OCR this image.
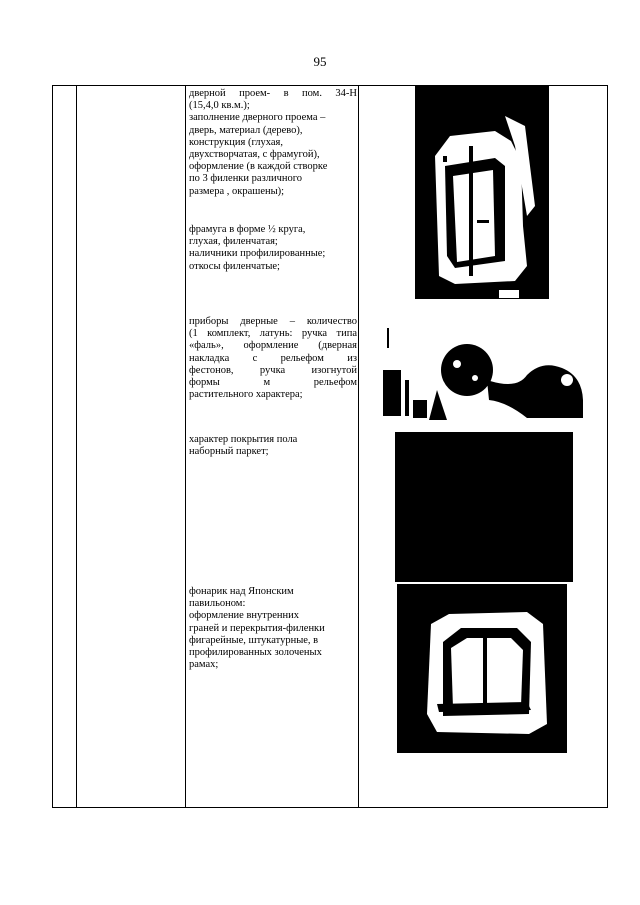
95

дверной проем- в пом. 34-Н

(15,4,0 кв.м.);

заполнение дверного проема –

дверь, материал (дерево),

конструкция (глухая,

двухстворчатая, с фрамугой),

оформление (в каждой створке

по 3 филенки различного

размера , окрашены);

фрамуга в форме ½ круга,

глухая, филенчатая;

наличники профилированные;

откосы филенчатые;

приборы дверные – количество

(1 комплект, латунь: ручка типа

«фаль», оформление (дверная

накладка с рельефом из

фестонов, ручка изогнутой

формы м рельефом

растительного характера;

характер покрытия пола

наборный паркет;

фонарик над Японским

павильоном:

оформление внутренних

граней и перекрытия-филенки

фигарейные, штукатурные, в

профилированных золоченых

рамах;
